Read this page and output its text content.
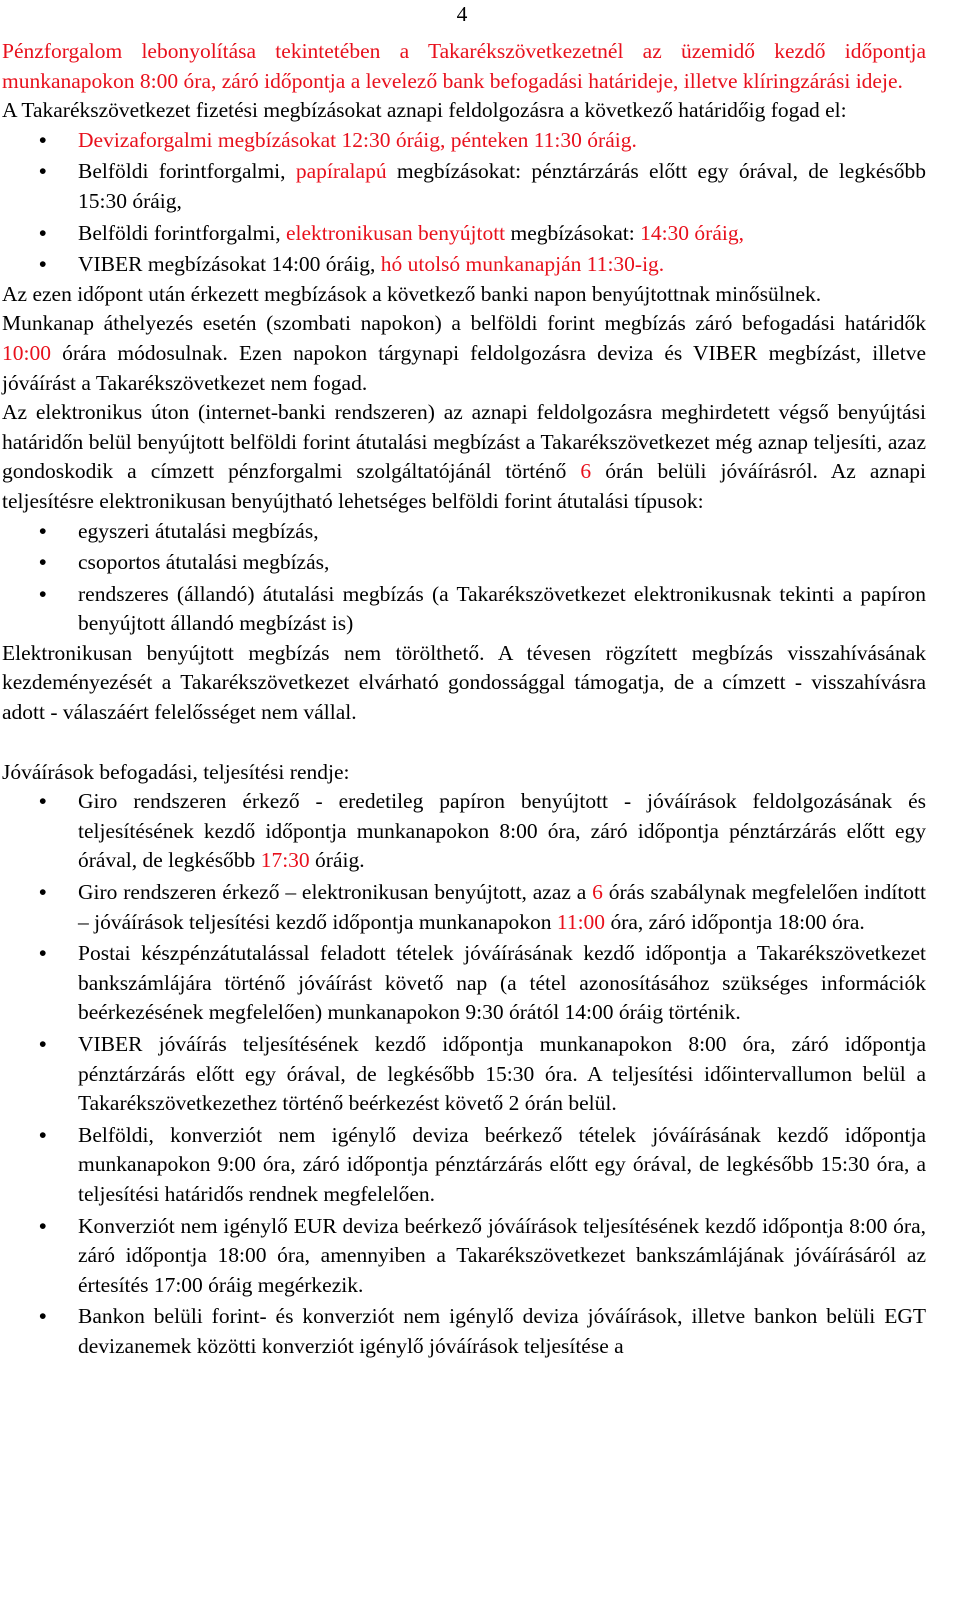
4

Pénzforgalom lebonyolítása tekintetében a Takarékszövetkezetnél az üzemidő kezdő időpontja munkanapokon 8:00 óra, záró időpontja a levelező bank befogadási határideje, illetve klíringzárási ideje.

A Takarékszövetkezet fizetési megbízásokat aznapi feldolgozásra a következő határidőig fogad el:

• Devizaforgalmi megbízásokat 12:30 óráig, pénteken 11:30 óráig.
• Belföldi forintforgalmi, papíralapú megbízásokat: pénztárzárás előtt egy órával, de legkésőbb 15:30 óráig,
• Belföldi forintforgalmi, elektronikusan benyújtott megbízásokat: 14:30 óráig,
• VIBER megbízásokat 14:00 óráig, hó utolsó munkanapján 11:30-ig.

Az ezen időpont után érkezett megbízások a következő banki napon benyújtottnak minősülnek.

Munkanap áthelyezés esetén (szombati napokon) a belföldi forint megbízás záró befogadási határidők 10:00 órára módosulnak. Ezen napokon tárgynapi feldolgozásra deviza és VIBER megbízást, illetve jóváírást a Takarékszövetkezet nem fogad.

Az elektronikus úton (internet-banki rendszeren) az aznapi feldolgozásra meghirdetett végső benyújtási határidőn belül benyújtott belföldi forint átutalási megbízást a Takarékszövetkezet még aznap teljesíti, azaz gondoskodik a címzett pénzforgalmi szolgáltatójánál történő 6 órán belüli jóváírásról. Az aznapi teljesítésre elektronikusan benyújtható lehetséges belföldi forint átutalási típusok:

• egyszeri átutalási megbízás,
• csoportos átutalási megbízás,
• rendszeres (állandó) átutalási megbízás (a Takarékszövetkezet elektronikusnak tekinti a papíron benyújtott állandó megbízást is)

Elektronikusan benyújtott megbízás nem törölthető. A tévesen rögzített megbízás visszahívásának kezdeményezését a Takarékszövetkezet elvárható gondossággal támogatja, de a címzett - visszahívásra adott - válaszáért felelősséget nem vállal.

Jóváírások befogadási, teljesítési rendje:

• Giro rendszeren érkező - eredetileg papíron benyújtott - jóváírások feldolgozásának és teljesítésének kezdő időpontja munkanapokon 8:00 óra, záró időpontja pénztárzárás előtt egy órával, de legkésőbb 17:30 óráig.
• Giro rendszeren érkező – elektronikusan benyújtott, azaz a 6 órás szabálynak megfelelően indított – jóváírások teljesítési kezdő időpontja munkanapokon 11:00 óra, záró időpontja 18:00 óra.
• Postai készpénzátutalással feladott tételek jóváírásának kezdő időpontja a Takarékszövetkezet bankszámlájára történő jóváírást követő nap (a tétel azonosításához szükséges információk beérkezésének megfelelően) munkanapokon 9:30 órától 14:00 óráig történik.
• VIBER jóváírás teljesítésének kezdő időpontja munkanapokon 8:00 óra, záró időpontja pénztárzárás előtt egy órával, de legkésőbb 15:30 óra. A teljesítési időintervallumon belül a Takarékszövetkezethez történő beérkezést követő 2 órán belül.
• Belföldi, konverziót nem igénylő deviza beérkező tételek jóváírásának kezdő időpontja munkanapokon 9:00 óra, záró időpontja pénztárzárás előtt egy órával, de legkésőbb 15:30 óra, a teljesítési határidős rendnek megfelelően.
• Konverziót nem igénylő EUR deviza beérkező jóváírások teljesítésének kezdő időpontja 8:00 óra, záró időpontja 18:00 óra, amennyiben a Takarékszövetkezet bankszámlájának jóváírásáról az értesítés 17:00 óráig megérkezik.
• Bankon belüli forint- és konverziót nem igénylő deviza jóváírások, illetve bankon belüli EGT devizanemek közötti konverziót igénylő jóváírások teljesítése a
